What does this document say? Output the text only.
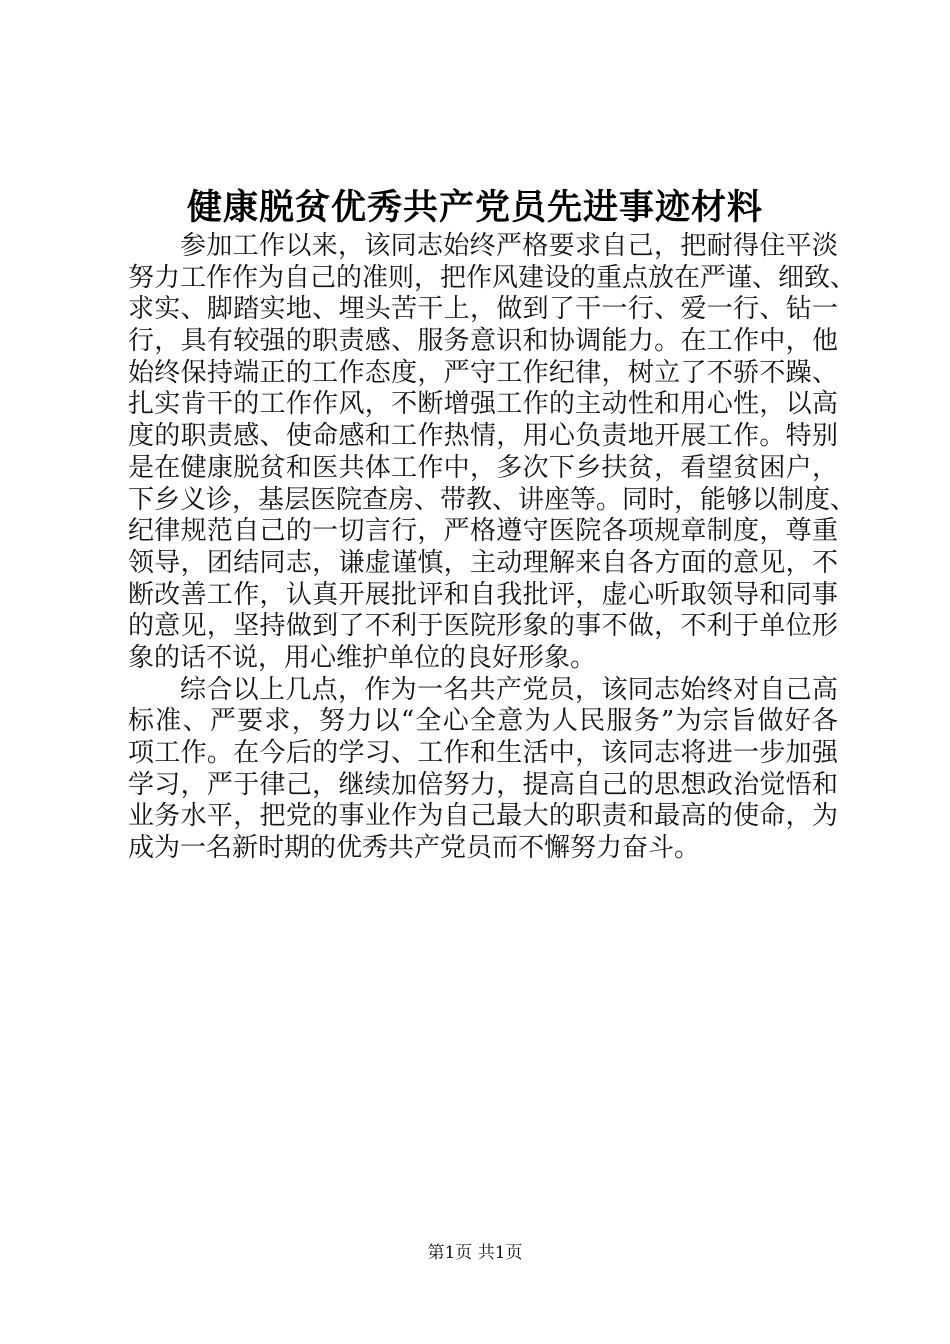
健康脱贫优秀共产党员先进事迹材料
参加工作以来，该同志始终严格要求自己，把耐得住平淡
努力工作作为自己的准则，把作风建设的重点放在严谨、细致、
求实、脚踏实地、埋头苦干上，做到了干一行、爱一行、钻一
行，具有较强的职责感、服务意识和协调能力。在工作中，他
始终保持端正的工作态度，严守工作纪律，树立了不骄不躁、
扎实肯干的工作作风，不断增强工作的主动性和用心性，以高
度的职责感、使命感和工作热情，用心负责地开展工作。特别
是在健康脱贫和医共体工作中，多次下乡扶贫，看望贫困户，
下乡义诊，基层医院查房、带教、讲座等。同时，能够以制度、
纪律规范自己的一切言行，严格遵守医院各项规章制度，尊重
领导，团结同志，谦虚谨慎，主动理解来自各方面的意见，不
断改善工作，认真开展批评和自我批评，虚心听取领导和同事
的意见，坚持做到了不利于医院形象的事不做，不利于单位形
象的话不说，用心维护单位的良好形象。
综合以上几点，作为一名共产党员，该同志始终对自己高
标准、严要求，努力以“全心全意为人民服务”为宗旨做好各
项工作。在今后的学习、工作和生活中，该同志将进一步加强
学习，严于律己，继续加倍努力，提高自己的思想政治觉悟和
业务水平，把党的事业作为自己最大的职责和最高的使命，为
成为一名新时期的优秀共产党员而不懈努力奋斗。
第1页 共1页
